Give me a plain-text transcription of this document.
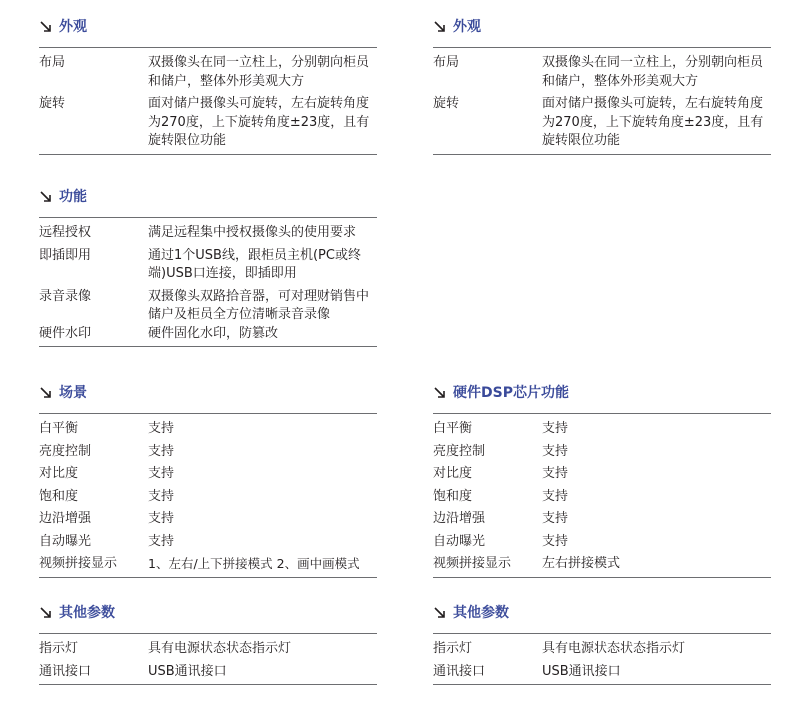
外观
布局	双摄像头在同一立柱上，分别朝向柜员和储户，整体外形美观大方
旋转	面对储户摄像头可旋转，左右旋转角度为270度，上下旋转角度±23度，且有旋转限位功能
功能
远程授权	满足远程集中授权摄像头的使用要求
即插即用	通过1个USB线，跟柜员主机(PC或终端)USB口连接，即插即用
录音录像	双摄像头双路拾音器，可对理财销售中储户及柜员全方位清晰录音录像
硬件水印	硬件固化水印，防篡改
场景
白平衡	支持
亮度控制	支持
对比度	支持
饱和度	支持
边沿增强	支持
自动曝光	支持
视频拼接显示	1、左右/上下拼接模式 2、画中画模式
其他参数
指示灯	具有电源状态状态指示灯
通讯接口	USB通讯接口
外观
布局	双摄像头在同一立柱上，分别朝向柜员和储户，整体外形美观大方
旋转	面对储户摄像头可旋转，左右旋转角度为270度，上下旋转角度±23度，且有旋转限位功能
硬件DSP芯片功能
白平衡	支持
亮度控制	支持
对比度	支持
饱和度	支持
边沿增强	支持
自动曝光	支持
视频拼接显示	左右拼接模式
其他参数
指示灯	具有电源状态状态指示灯
通讯接口	USB通讯接口
